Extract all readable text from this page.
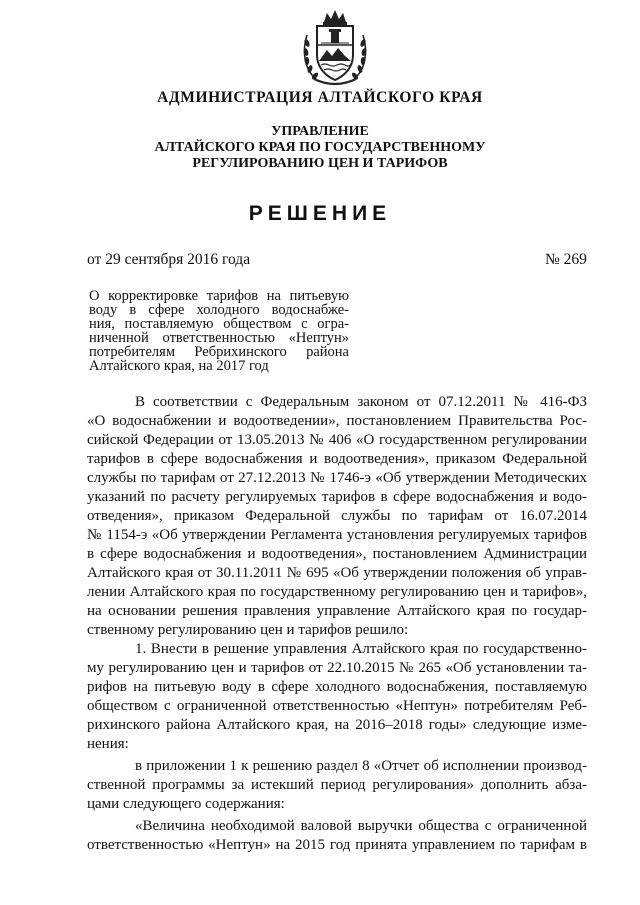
АДМИНИСТРАЦИЯ АЛТАЙСКОГО КРАЯ
УПРАВЛЕНИЕ
АЛТАЙСКОГО КРАЯ ПО ГОСУДАРСТВЕННОМУ
РЕГУЛИРОВАНИЮ ЦЕН И ТАРИФОВ
РЕШЕНИЕ
от 29 сентября 2016 года	№ 269
О корректировке тарифов на питьевую
воду в сфере холодного водоснабже-
ния, поставляемую обществом с огра-
ниченной ответственностью «Нептун»
потребителям Ребрихинского района
Алтайского края, на 2017 год
В соответствии с Федеральным законом от 07.12.2011 № 416-ФЗ
«О водоснабжении и водоотведении», постановлением Правительства Рос-
сийской Федерации от 13.05.2013 № 406 «О государственном регулировании
тарифов в сфере водоснабжения и водоотведения», приказом Федеральной
службы по тарифам от 27.12.2013 № 1746-э «Об утверждении Методических
указаний по расчету регулируемых тарифов в сфере водоснабжения и водо-
отведения», приказом Федеральной службы по тарифам от 16.07.2014
№ 1154-э «Об утверждении Регламента установления регулируемых тарифов
в сфере водоснабжения и водоотведения», постановлением Администрации
Алтайского края от 30.11.2011 № 695 «Об утверждении положения об управ-
лении Алтайского края по государственному регулированию цен и тарифов»,
на основании решения правления управление Алтайского края по государ-
ственному регулированию цен и тарифов решило:
1. Внести в решение управления Алтайского края по государственно-
му регулированию цен и тарифов от 22.10.2015 № 265 «Об установлении та-
рифов на питьевую воду в сфере холодного водоснабжения, поставляемую
обществом с ограниченной ответственностью «Нептун» потребителям Реб-
рихинского района Алтайского края, на 2016–2018 годы» следующие изме-
нения:
в приложении 1 к решению раздел 8 «Отчет об исполнении производ-
ственной программы за истекший период регулирования» дополнить абза-
цами следующего содержания:
«Величина необходимой валовой выручки общества с ограниченной
ответственностью «Нептун» на 2015 год принята управлением по тарифам в
